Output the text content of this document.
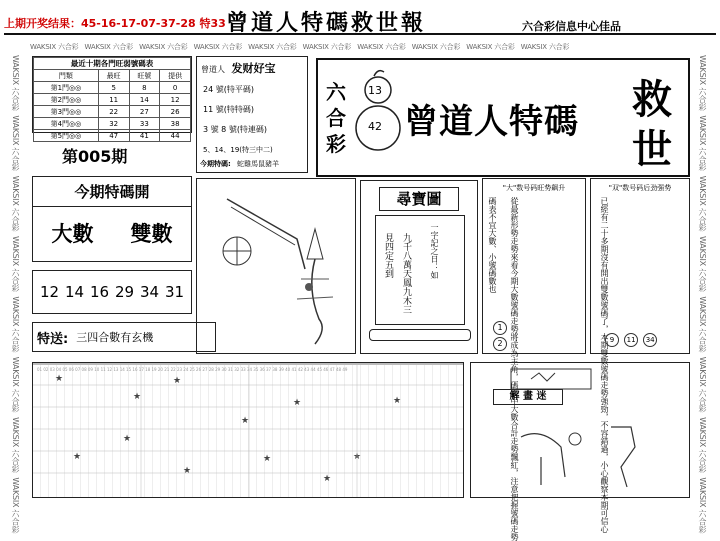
上期开奖结果：45-16-17-07-37-28 特33 曾道人特碼救世報	六合彩信息中心佳品
WAKSIX 六合彩 WAKSIX 六合彩 WAKSIX 六合彩 WAKSIX 六合彩 WAKSIX 六合彩 WAKSIX 六合彩 WAKSIX 六合彩 WAKSIX 六合彩 WAKSIX 六合彩 WAKSIX 六合彩
WAKSIX 六合彩  WAKSIX 六合彩  WAKSIX 六合彩  WAKSIX 六合彩  WAKSIX 六合彩  WAKSIX 六合彩  WAKSIX 六合彩  WAKSIX 六合彩
WAKSIX 六合彩  WAKSIX 六合彩  WAKSIX 六合彩  WAKSIX 六合彩  WAKSIX 六合彩  WAKSIX 六合彩  WAKSIX 六合彩  WAKSIX 六合彩
最近十期各門旺弱號碼表			
門類	最旺	旺號	提供
第1門◎◎	5	8	0
第2門◎◎	11	14	12
第3門◎◎	22	27	26
第4門◎◎	32	33	38
第5門◎◎	47	41	44
第005期
曾道人 发财好宝
24 號(特平碼)
11 號(特特碼)
3 號 8 號(特連碼)
5、14、19(特三中二)
今期特碼: 蛇雞馬鼠豬羊
六
合
彩
13
42 曾道人特碼 救
世
今期特碼開
大數	雙數
12 14 16 29 34 31
特送: 三四合數有玄機
尋寶圖
見四定五到 九千八萬天鳳九木三 一字記之日：如
"大"数号码旺势飙升
從最新形勢走勢來看今期大數號碼走勢將成為主角，碼表中大數合計走勢飄紅，注意把握號碼走勢
碼表不宜大數、小號碼數也
1
2
"双"数号码后劲强势
已經有二十多期沒有開出雙數號碼了，本期雙數號碼走勢強勁，不容錯過，小心觀察本期可信心 9 11 34
★
★
★
★
★
★
★
★
★
★
★
★
01 02 03 04 05 06 07 08 09 10 11 12 13 14 15 16 17 18 19 20 21 22 23 24 25 26 27 28 29 30 31 32 33 34 35 36 37 38 39 40 41 42 43 44 45 46 47 48 49
解 畫 迷
